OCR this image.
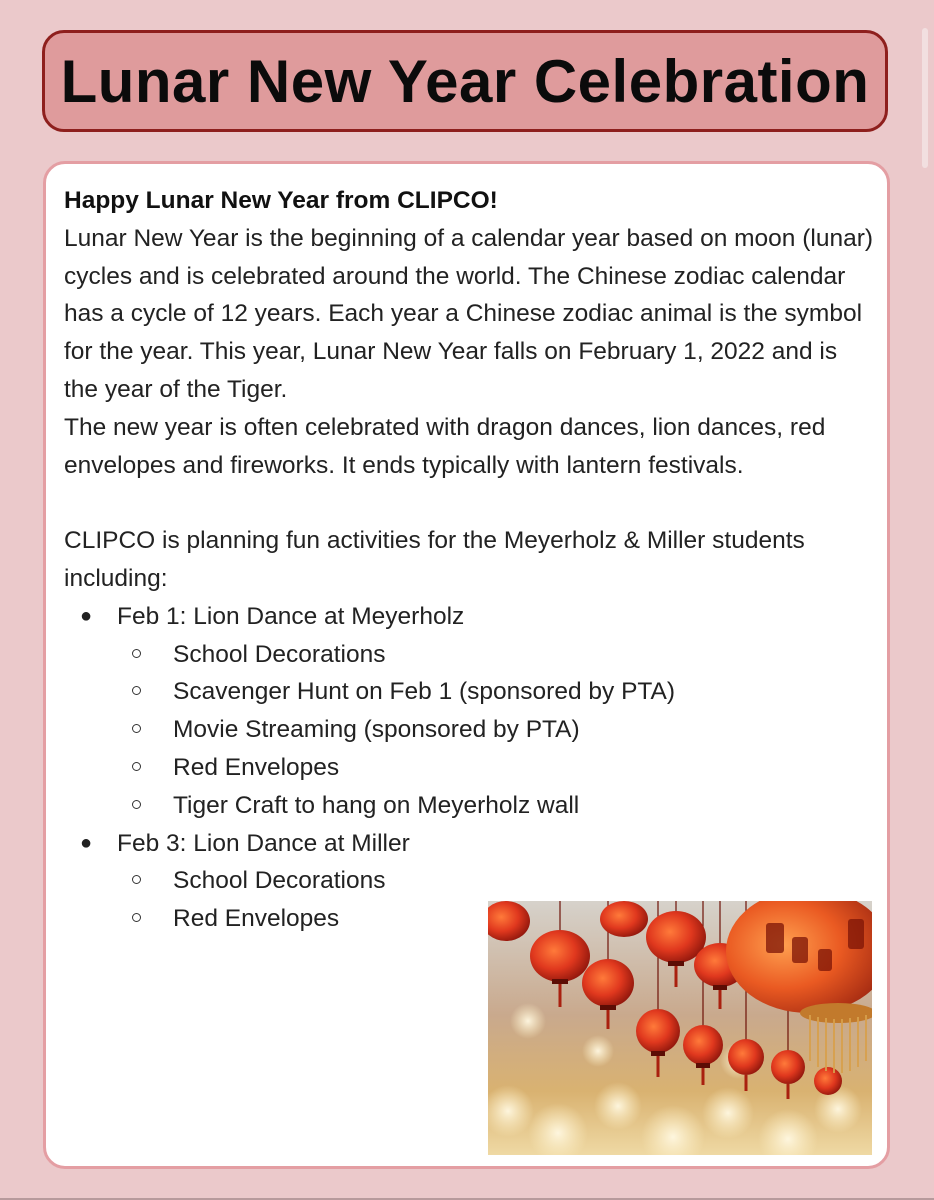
Lunar New Year Celebration

Happy Lunar New Year from CLIPCO!

Lunar New Year is the beginning of a calendar year based on moon (lunar) cycles and is celebrated around the world. The Chinese zodiac calendar has a cycle of 12 years. Each year a Chinese zodiac animal is the symbol for the year. This year, Lunar New Year falls on February 1, 2022 and is the year of the Tiger.

The new year is often celebrated with dragon dances, lion dances, red envelopes and fireworks. It ends typically with lantern festivals.

CLIPCO is planning fun activities for the Meyerholz & Miller students including:

● Feb 1: Lion Dance at Meyerholz
School Decorations
Scavenger Hunt on Feb 1 (sponsored by PTA)
Movie Streaming (sponsored by PTA)
Red Envelopes
Tiger Craft to hang on Meyerholz wall
● Feb 3: Lion Dance at Miller
School Decorations
Red Envelopes
